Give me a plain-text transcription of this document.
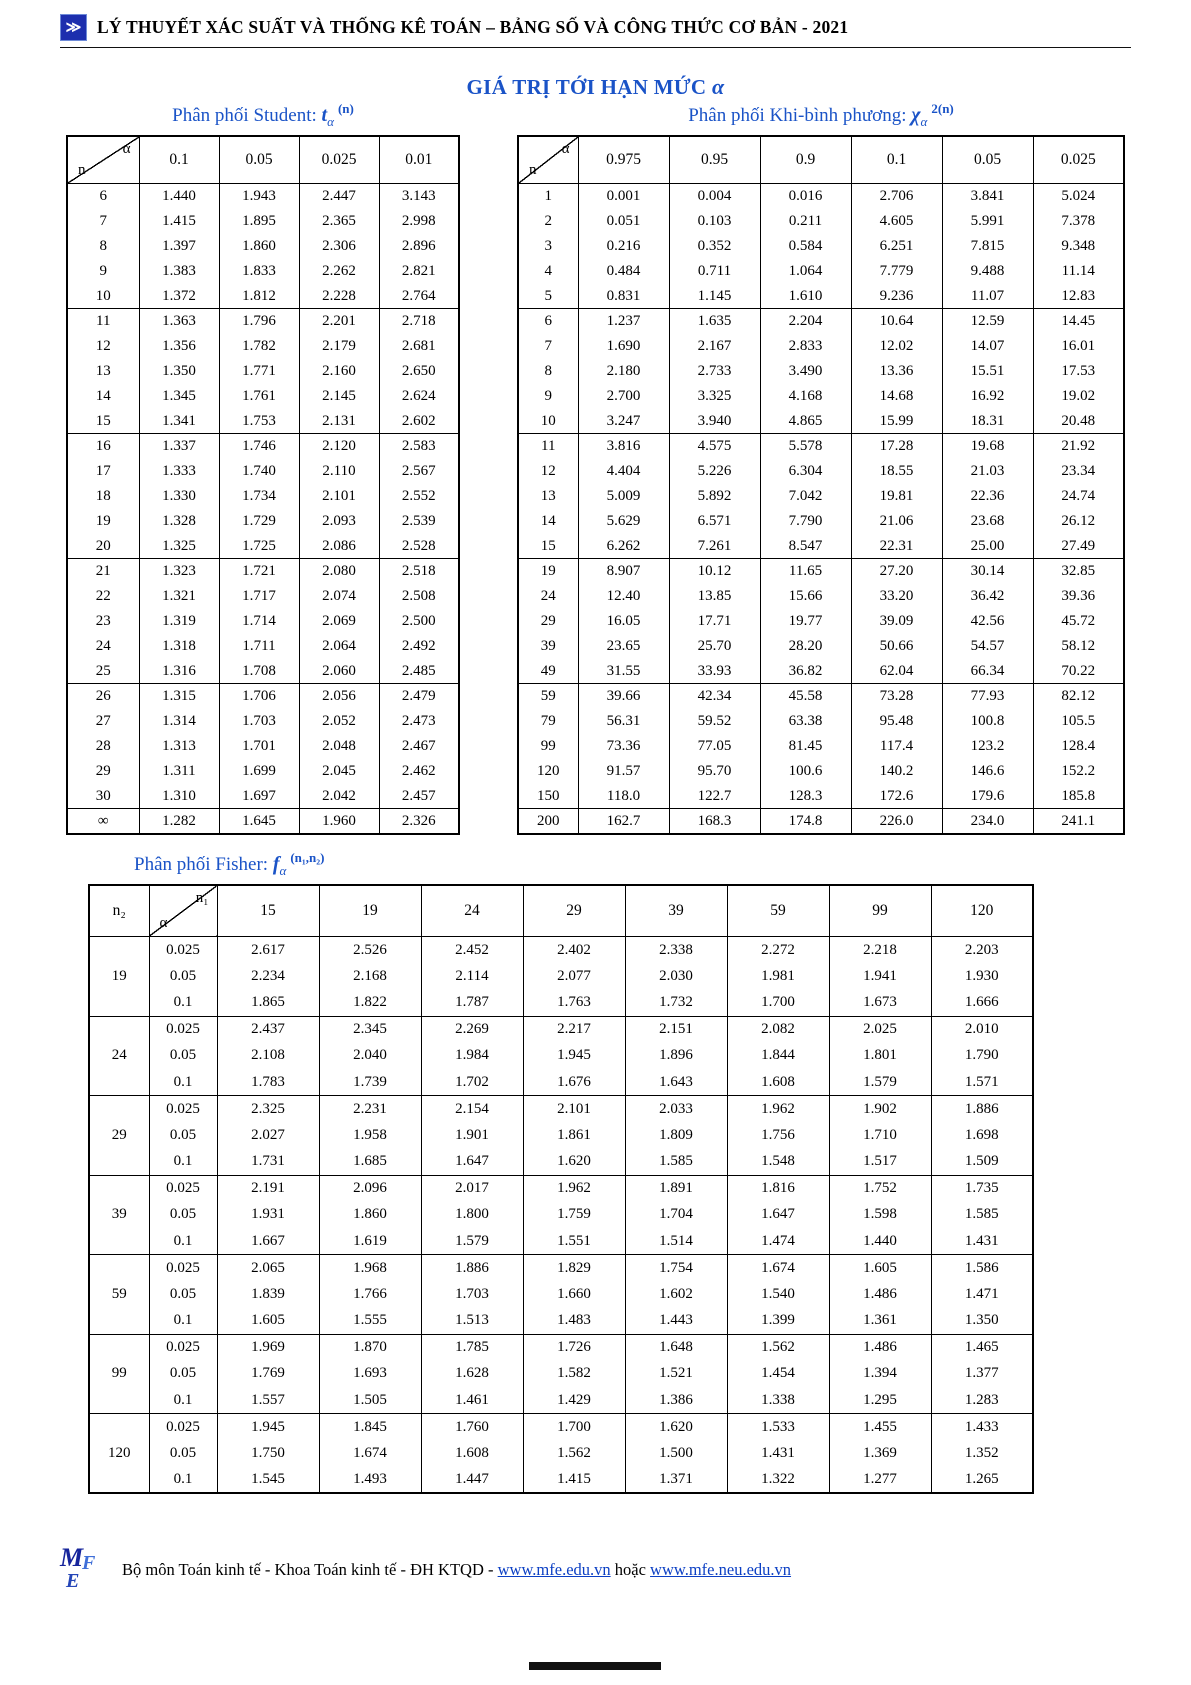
≫ LÝ THUYẾT XÁC SUẤT VÀ THỐNG KÊ TOÁN – BẢNG SỐ VÀ CÔNG THỨC CƠ BẢN - 2021
GIÁ TRỊ TỚI HẠN MỨC α
Phân phối Student: $t_\alpha^{(n)}$
α
n	0.1	0.05	0.025	0.01
6	1.440	1.943	2.447	3.143
7	1.415	1.895	2.365	2.998
8	1.397	1.860	2.306	2.896
9	1.383	1.833	2.262	2.821
10	1.372	1.812	2.228	2.764
11	1.363	1.796	2.201	2.718
12	1.356	1.782	2.179	2.681
13	1.350	1.771	2.160	2.650
14	1.345	1.761	2.145	2.624
15	1.341	1.753	2.131	2.602
16	1.337	1.746	2.120	2.583
17	1.333	1.740	2.110	2.567
18	1.330	1.734	2.101	2.552
19	1.328	1.729	2.093	2.539
20	1.325	1.725	2.086	2.528
21	1.323	1.721	2.080	2.518
22	1.321	1.717	2.074	2.508
23	1.319	1.714	2.069	2.500
24	1.318	1.711	2.064	2.492
25	1.316	1.708	2.060	2.485
26	1.315	1.706	2.056	2.479
27	1.314	1.703	2.052	2.473
28	1.313	1.701	2.048	2.467
29	1.311	1.699	2.045	2.462
30	1.310	1.697	2.042	2.457
∞	1.282	1.645	1.960	2.326
Phân phối Khi-bình phương: $\chi_\alpha^{2(n)}$
α
n	0.975	0.95	0.9	0.1	0.05	0.025
1	0.001	0.004	0.016	2.706	3.841	5.024
2	0.051	0.103	0.211	4.605	5.991	7.378
3	0.216	0.352	0.584	6.251	7.815	9.348
4	0.484	0.711	1.064	7.779	9.488	11.14
5	0.831	1.145	1.610	9.236	11.07	12.83
6	1.237	1.635	2.204	10.64	12.59	14.45
7	1.690	2.167	2.833	12.02	14.07	16.01
8	2.180	2.733	3.490	13.36	15.51	17.53
9	2.700	3.325	4.168	14.68	16.92	19.02
10	3.247	3.940	4.865	15.99	18.31	20.48
11	3.816	4.575	5.578	17.28	19.68	21.92
12	4.404	5.226	6.304	18.55	21.03	23.34
13	5.009	5.892	7.042	19.81	22.36	24.74
14	5.629	6.571	7.790	21.06	23.68	26.12
15	6.262	7.261	8.547	22.31	25.00	27.49
19	8.907	10.12	11.65	27.20	30.14	32.85
24	12.40	13.85	15.66	33.20	36.42	39.36
29	16.05	17.71	19.77	39.09	42.56	45.72
39	23.65	25.70	28.20	50.66	54.57	58.12
49	31.55	33.93	36.82	62.04	66.34	70.22
59	39.66	42.34	45.58	73.28	77.93	82.12
79	56.31	59.52	63.38	95.48	100.8	105.5
99	73.36	77.05	81.45	117.4	123.2	128.4
120	91.57	95.70	100.6	140.2	146.6	152.2
150	118.0	122.7	128.3	172.6	179.6	185.8
200	162.7	168.3	174.8	226.0	234.0	241.1
Phân phối Fisher: $f_\alpha^{(n_1,n_2)}$
n₂	n₁
α	15	19	24	29	39	59	99	120
19	0.025	2.617	2.526	2.452	2.402	2.338	2.272	2.218	2.203
	0.05	2.234	2.168	2.114	2.077	2.030	1.981	1.941	1.930
	0.1	1.865	1.822	1.787	1.763	1.732	1.700	1.673	1.666
24	0.025	2.437	2.345	2.269	2.217	2.151	2.082	2.025	2.010
	0.05	2.108	2.040	1.984	1.945	1.896	1.844	1.801	1.790
	0.1	1.783	1.739	1.702	1.676	1.643	1.608	1.579	1.571
29	0.025	2.325	2.231	2.154	2.101	2.033	1.962	1.902	1.886
	0.05	2.027	1.958	1.901	1.861	1.809	1.756	1.710	1.698
	0.1	1.731	1.685	1.647	1.620	1.585	1.548	1.517	1.509
39	0.025	2.191	2.096	2.017	1.962	1.891	1.816	1.752	1.735
	0.05	1.931	1.860	1.800	1.759	1.704	1.647	1.598	1.585
	0.1	1.667	1.619	1.579	1.551	1.514	1.474	1.440	1.431
59	0.025	2.065	1.968	1.886	1.829	1.754	1.674	1.605	1.586
	0.05	1.839	1.766	1.703	1.660	1.602	1.540	1.486	1.471
	0.1	1.605	1.555	1.513	1.483	1.443	1.399	1.361	1.350
99	0.025	1.969	1.870	1.785	1.726	1.648	1.562	1.486	1.465
	0.05	1.769	1.693	1.628	1.582	1.521	1.454	1.394	1.377
	0.1	1.557	1.505	1.461	1.429	1.386	1.338	1.295	1.283
120	0.025	1.945	1.845	1.760	1.700	1.620	1.533	1.455	1.433
	0.05	1.750	1.674	1.608	1.562	1.500	1.431	1.369	1.352
	0.1	1.545	1.493	1.447	1.415	1.371	1.322	1.277	1.265
M
F
E
Bộ môn Toán kinh tế - Khoa Toán kinh tế - ĐH KTQD - www.mfe.edu.vn hoặc www.mfe.neu.edu.vn
